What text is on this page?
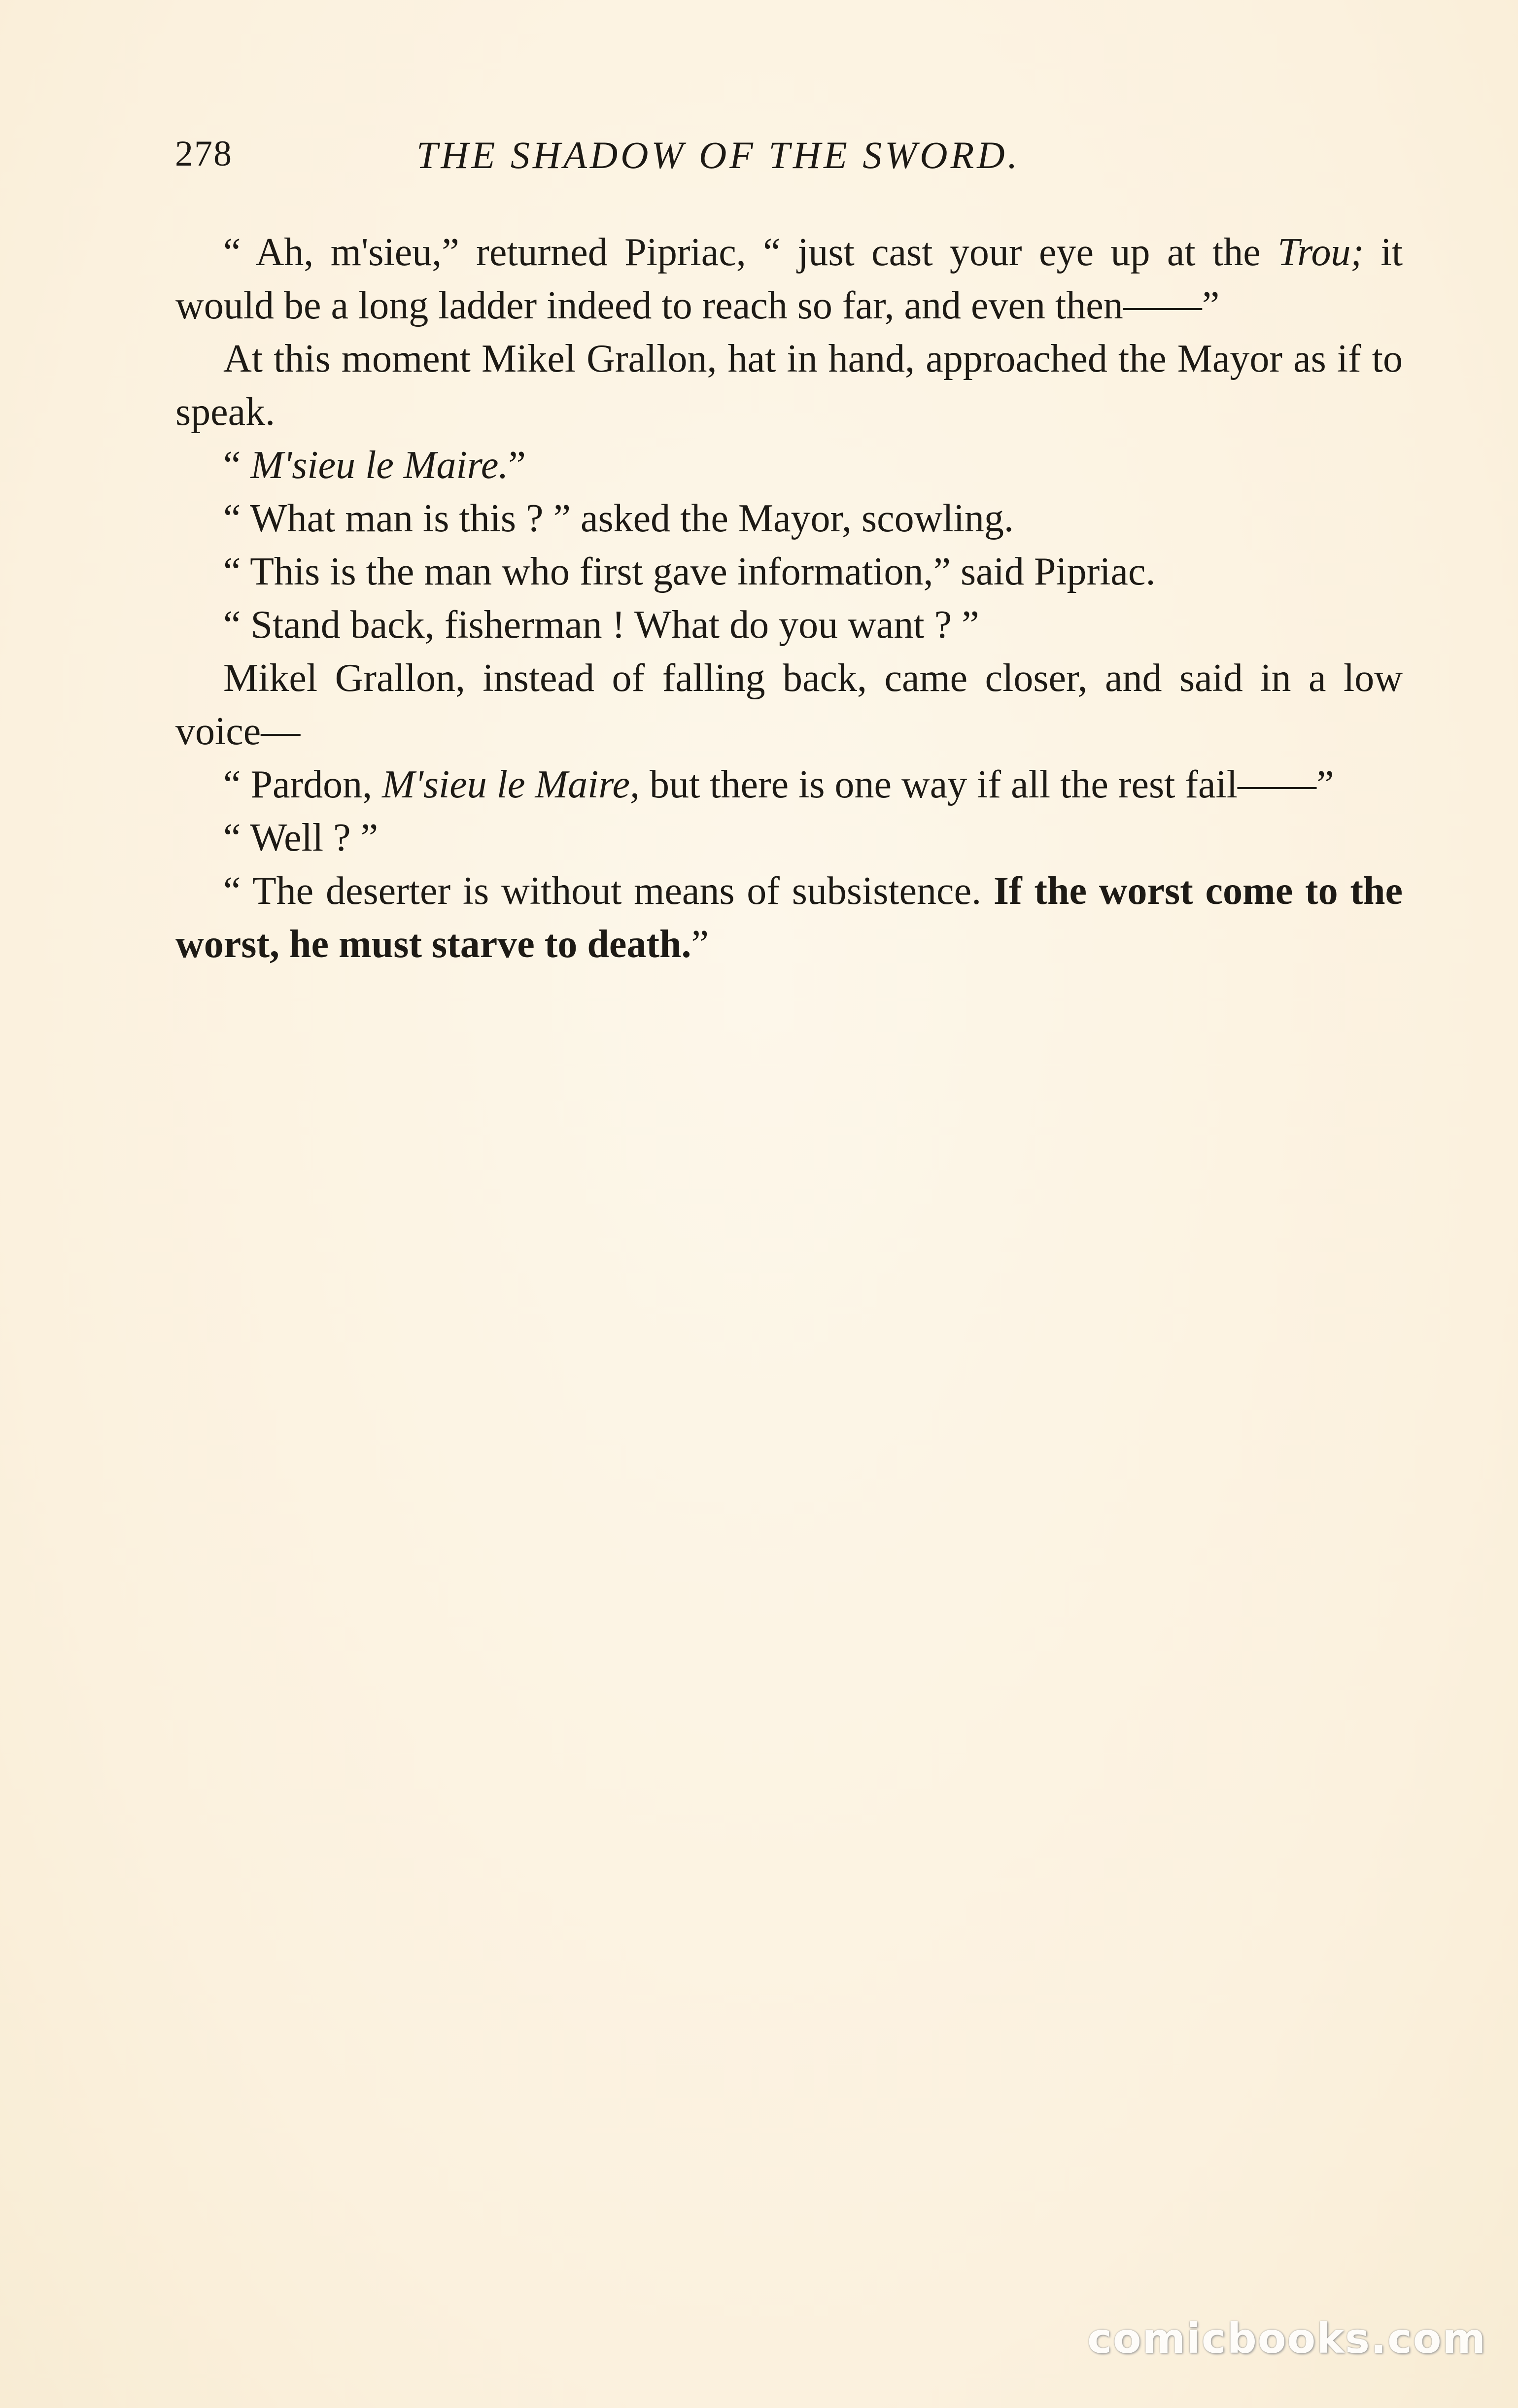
278	THE SHADOW OF THE SWORD.

“ Ah, m'sieu,” returned Pipriac, “ just cast your eye up at the Trou; it would be a long ladder indeed to reach so far, and even then——”

At this moment Mikel Grallon, hat in hand, approached the Mayor as if to speak.

“ M'sieu le Maire.”

“ What man is this ? ” asked the Mayor, scowling.

“ This is the man who first gave information,” said Pipriac.

“ Stand back, fisherman ! What do you want ? ”

Mikel Grallon, instead of falling back, came closer, and said in a low voice—

“ Pardon, M'sieu le Maire, but there is one way if all the rest fail——”

“ Well ? ”

“ The deserter is without means of subsistence. If the worst come to the worst, he must starve to death.”

comicbooks.com
